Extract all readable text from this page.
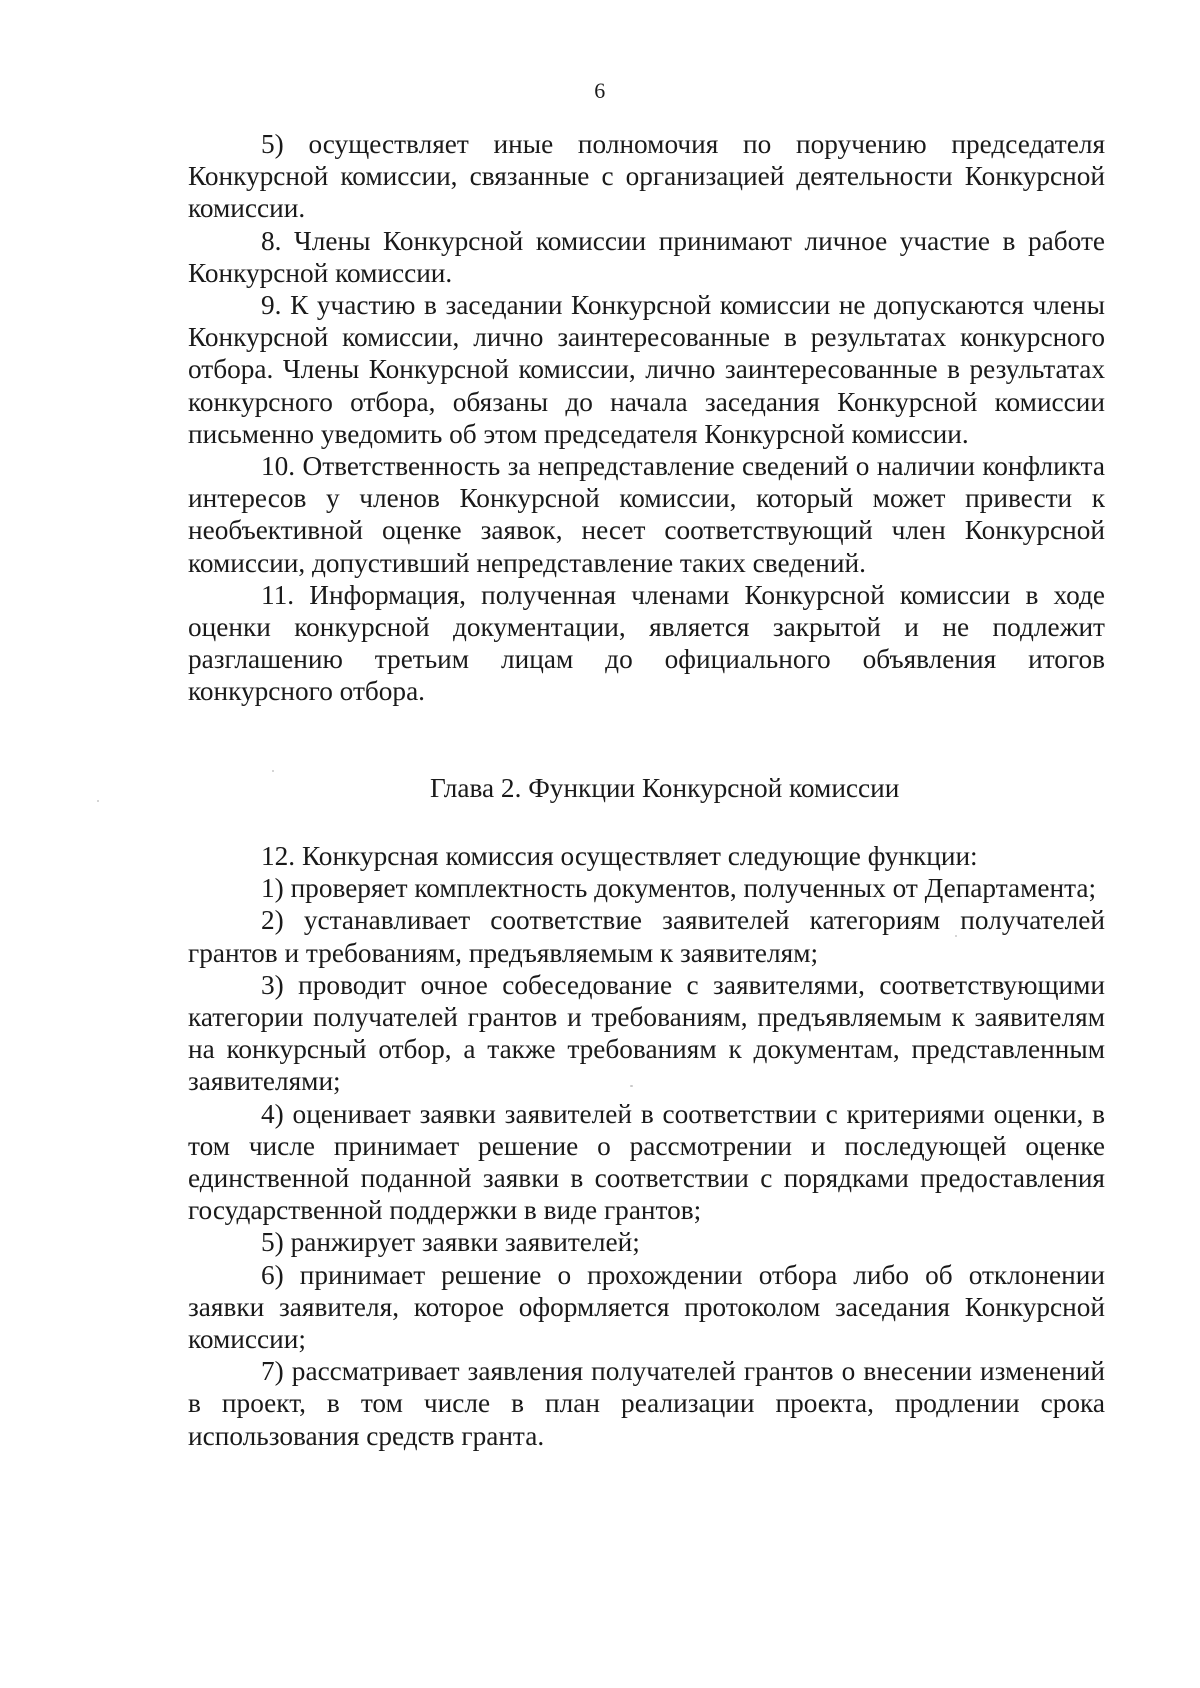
6

5) осуществляет иные полномочия по поручению председателя Конкурсной комиссии, связанные с организацией деятельности Конкурсной комиссии.

8. Члены Конкурсной комиссии принимают личное участие в работе Конкурсной комиссии.

9. К участию в заседании Конкурсной комиссии не допускаются члены Конкурсной комиссии, лично заинтересованные в результатах конкурсного отбора. Члены Конкурсной комиссии, лично заинтересованные в результатах конкурсного отбора, обязаны до начала заседания Конкурсной комиссии письменно уведомить об этом председателя Конкурсной комиссии.

10. Ответственность за непредставление сведений о наличии конфликта интересов у членов Конкурсной комиссии, который может привести к необъективной оценке заявок, несет соответствующий член Конкурсной комиссии, допустивший непредставление таких сведений.

11. Информация, полученная членами Конкурсной комиссии в ходе оценки конкурсной документации, является закрытой и не подлежит разглашению третьим лицам до официального объявления итогов конкурсного отбора.

Глава 2. Функции Конкурсной комиссии

12. Конкурсная комиссия осуществляет следующие функции:

1) проверяет комплектность документов, полученных от Департамента;

2) устанавливает соответствие заявителей категориям получателей грантов и требованиям, предъявляемым к заявителям;

3) проводит очное собеседование с заявителями, соответствующими категории получателей грантов и требованиям, предъявляемым к заявителям на конкурсный отбор, а также требованиям к документам, представленным заявителями;

4) оценивает заявки заявителей в соответствии с критериями оценки, в том числе принимает решение о рассмотрении и последующей оценке единственной поданной заявки в соответствии с порядками предоставления государственной поддержки в виде грантов;

5) ранжирует заявки заявителей;

6) принимает решение о прохождении отбора либо об отклонении заявки заявителя, которое оформляется протоколом заседания Конкурсной комиссии;

7) рассматривает заявления получателей грантов о внесении изменений в проект, в том числе в план реализации проекта, продлении срока использования средств гранта.
